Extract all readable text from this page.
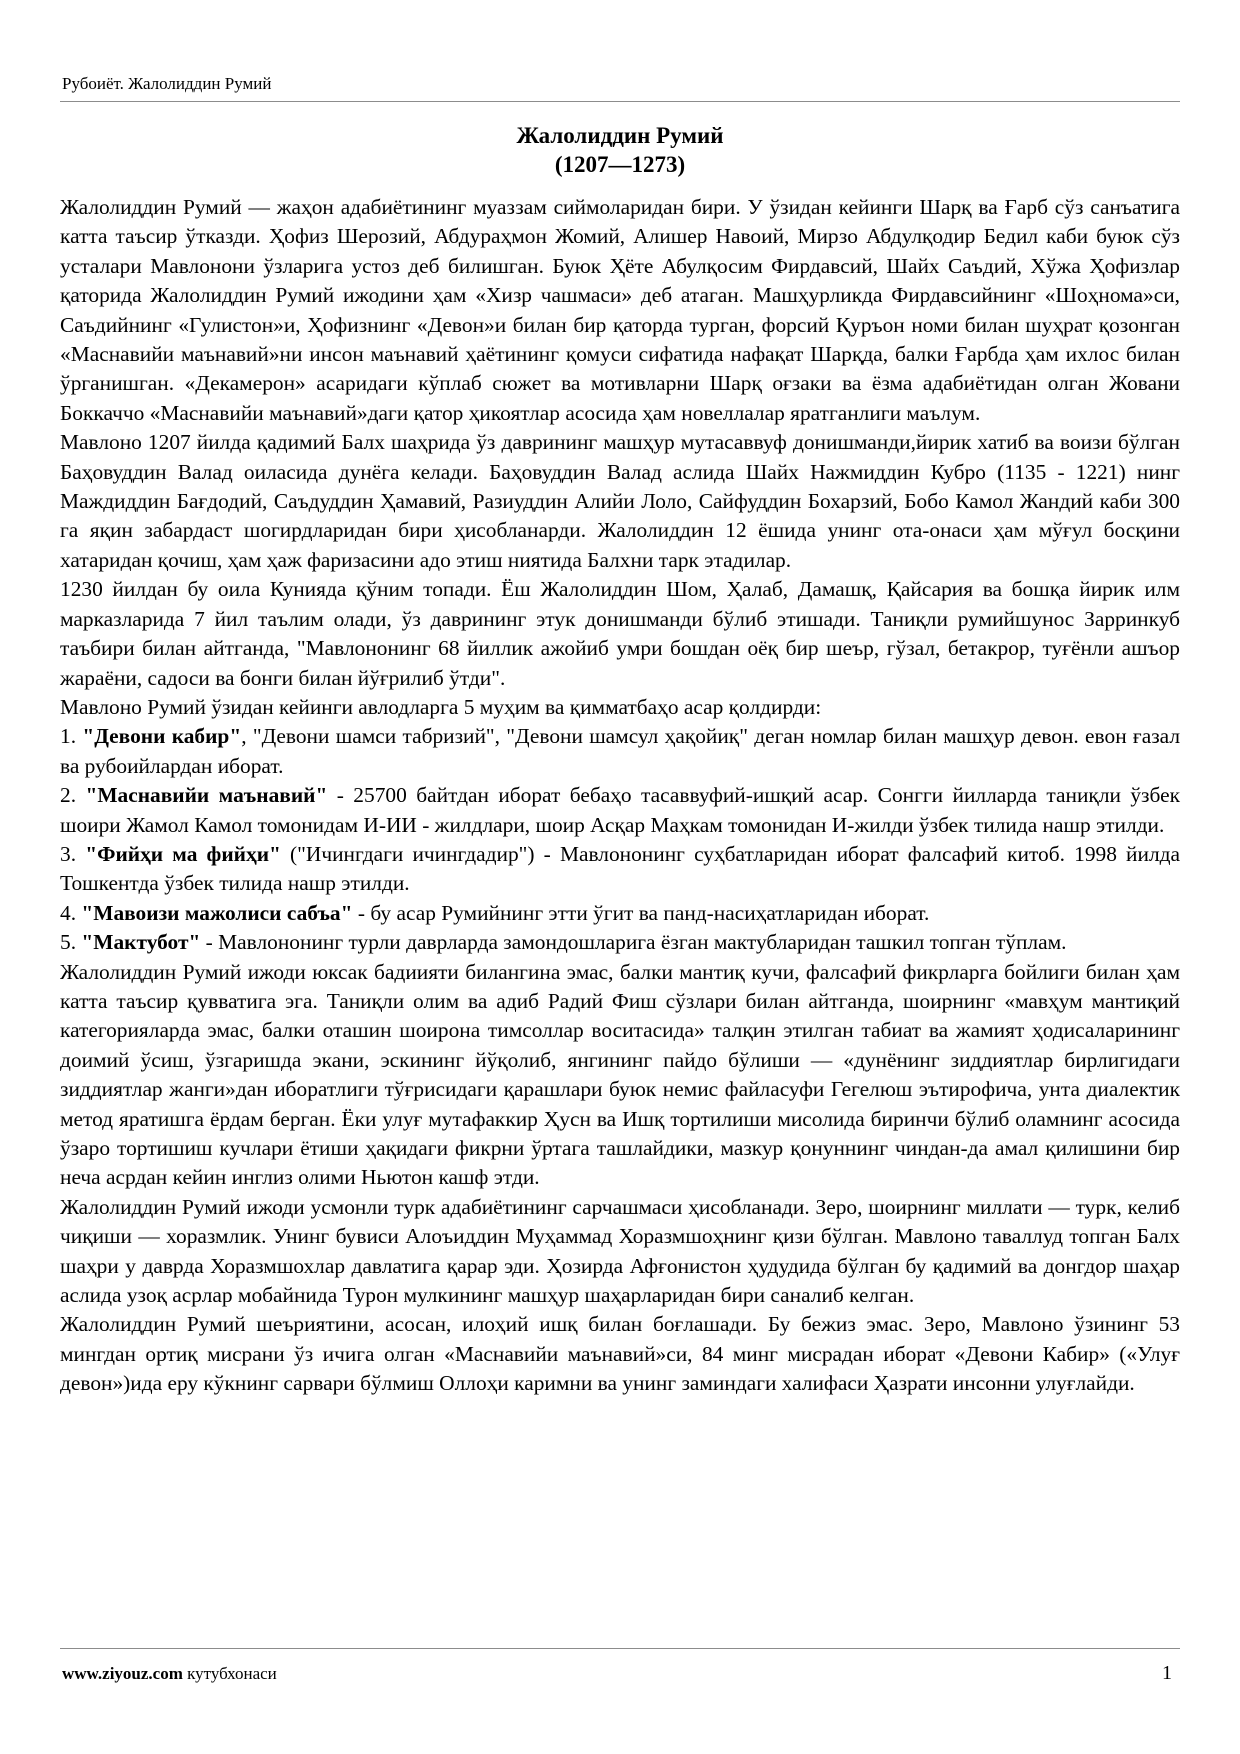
Рубоиёт. Жалолиддин Румий
Жалолиддин Румий
(1207—1273)

Жалолиддин Румий — жаҳон адабиётининг муаззам сиймоларидан бири. У ўзидан кейинги Шарқ ва Ғарб сўз санъатига катта таъсир ўтказди. Ҳофиз Шерозий, Абдураҳмон Жомий, Алишер Навоий, Мирзо Абдулқодир Бедил каби буюк сўз усталари Мавлонони ўзларига устоз деб билишган. Буюк Ҳёте Абулқосим Фирдавсий, Шайх Саъдий, Хўжа Ҳофизлар қаторида Жалолиддин Румий ижодини ҳам «Хизр чашмаси» деб атаган. Машҳурликда Фирдавсийнинг «Шоҳнома»си, Саъдийнинг «Гулистон»и, Ҳофизнинг «Девон»и билан бир қаторда турган, форсий Қуръон номи билан шуҳрат қозонган «Маснавийи маънавий»ни инсон маънавий ҳаётининг қомуси сифатида нафақат Шарқда, балки Ғарбда ҳам ихлос билан ўрганишган. «Декамерон» асаридаги кўплаб сюжет ва мотивларни Шарқ оғзаки ва ёзма адабиётидан олган Жовани Боккаччо «Маснавийи маънавий»даги қатор ҳикоятлар асосида ҳам новеллалар яратганлиги маълум.

Мавлоно 1207 йилда қадимий Балх шаҳрида ўз даврининг машҳур мутасаввуф донишманди,йирик хатиб ва воизи бўлган Баҳовуддин Валад оиласида дунёга келади. Баҳовуддин Валад аслида Шайх Нажмиддин Кубро (1135 - 1221) нинг Маждиддин Бағдодий, Саъдуддин Ҳамавий, Разиуддин Алийи Лоло, Сайфуддин Бохарзий, Бобо Камол Жандий каби 300 га яқин забардаст шогирдларидан бири ҳисобланарди. Жалолиддин 12 ёшида унинг ота-онаси ҳам мўғул босқини хатаридан қочиш, ҳам ҳаж фаризасини адо этиш ниятида Балхни тарк этадилар.

1230 йилдан бу оила Кунияда қўним топади. Ёш Жалолиддин Шом, Ҳалаб, Дамашқ, Қайсария ва бошқа йирик илм марказларида 7 йил таълим олади, ўз даврининг этук донишманди бўлиб этишади. Таниқли румийшунос Зарринкуб таъбири билан айтганда, "Мавлононинг 68 йиллик ажойиб умри бошдан оёқ бир шеър, гўзал, бетакрор, туғёнли ашъор жараёни, садоси ва бонги билан йўғрилиб ўтди".

Мавлоно Румий ўзидан кейинги авлодларга 5 муҳим ва қимматбаҳо асар қолдирди:

1. "Девони кабир", "Девони шамси табризий", "Девони шамсул ҳақойиқ" деган номлар билан машҳур девон. евон ғазал ва рубоийлардан иборат.

2. "Маснавийи маънавий" - 25700 байтдан иборат бебаҳо тасаввуфий-ишқий асар. Сонгги йилларда таниқли ўзбек шоири Жамол Камол томонидам И-ИИ - жилдлари, шоир Асқар Маҳкам томонидан И-жилди ўзбек тилида нашр этилди.

3. "Фийҳи ма фийҳи" ("Ичингдаги ичингдадир") - Мавлононинг суҳбатларидан иборат фалсафий китоб. 1998 йилда Тошкентда ўзбек тилида нашр этилди.

4. "Мавоизи мажолиси сабъа" - бу асар Румийнинг этти ўгит ва панд-насиҳатларидан иборат.

5. "Мактубот" - Мавлононинг турли даврларда замондошларига ёзган мактубларидан ташкил топган тўплам.

Жалолиддин Румий ижоди юксак бадиияти билангина эмас, балки мантиқ кучи, фалсафий фикрларга бойлиги билан ҳам катта таъсир қувватига эга. Таниқли олим ва адиб Радий Фиш сўзлари билан айтганда, шоирнинг «мавҳум мантиқий категорияларда эмас, балки оташин шоирона тимсоллар воситасида» талқин этилган табиат ва жамият ҳодисаларининг доимий ўсиш, ўзгаришда экани, эскининг йўқолиб, янгининг пайдо бўлиши — «дунёнинг зиддиятлар бирлигидаги зиддиятлар жанги»дан иборатлиги тўғрисидаги қарашлари буюк немис файласуфи Гегелюш эътирофича, унта диалектик метод яратишга ёрдам берган. Ёки улуғ мутафаккир Ҳусн ва Ишқ тортилиши мисолида биринчи бўлиб оламнинг асосида ўзаро тортишиш кучлари ётиши ҳақидаги фикрни ўртага ташлайдики, мазкур қонуннинг чиндан-да амал қилишини бир неча асрдан кейин инглиз олими Ньютон кашф этди.

Жалолиддин Румий ижоди усмонли турк адабиётининг сарчашмаси ҳисобланади. Зеро, шоирнинг миллати — турк, келиб чиқиши — хоразмлик. Унинг бувиси Алоъиддин Муҳаммад Хоразмшоҳнинг қизи бўлган. Мавлоно таваллуд топган Балх шаҳри у даврда Хоразмшохлар давлатига қарар эди. Ҳозирда Афғонистон ҳудудида бўлган бу қадимий ва донгдор шаҳар аслида узоқ асрлар мобайнида Турон мулкининг машҳур шаҳарларидан бири саналиб келган.

Жалолиддин Румий шеъриятини, асосан, илоҳий ишқ билан боғлашади. Бу бежиз эмас. Зеро, Мавлоно ўзининг 53 мингдан ортиқ мисрани ўз ичига олган «Маснавийи маънавий»си, 84 минг мисрадан иборат «Девони Кабир» («Улуғ девон»)ида еру кўкнинг сарвари бўлмиш Оллоҳи каримни ва унинг заминдаги халифаси Ҳазрати инсонни улуғлайди.

www.ziyouz.com кутубхонаси	1
